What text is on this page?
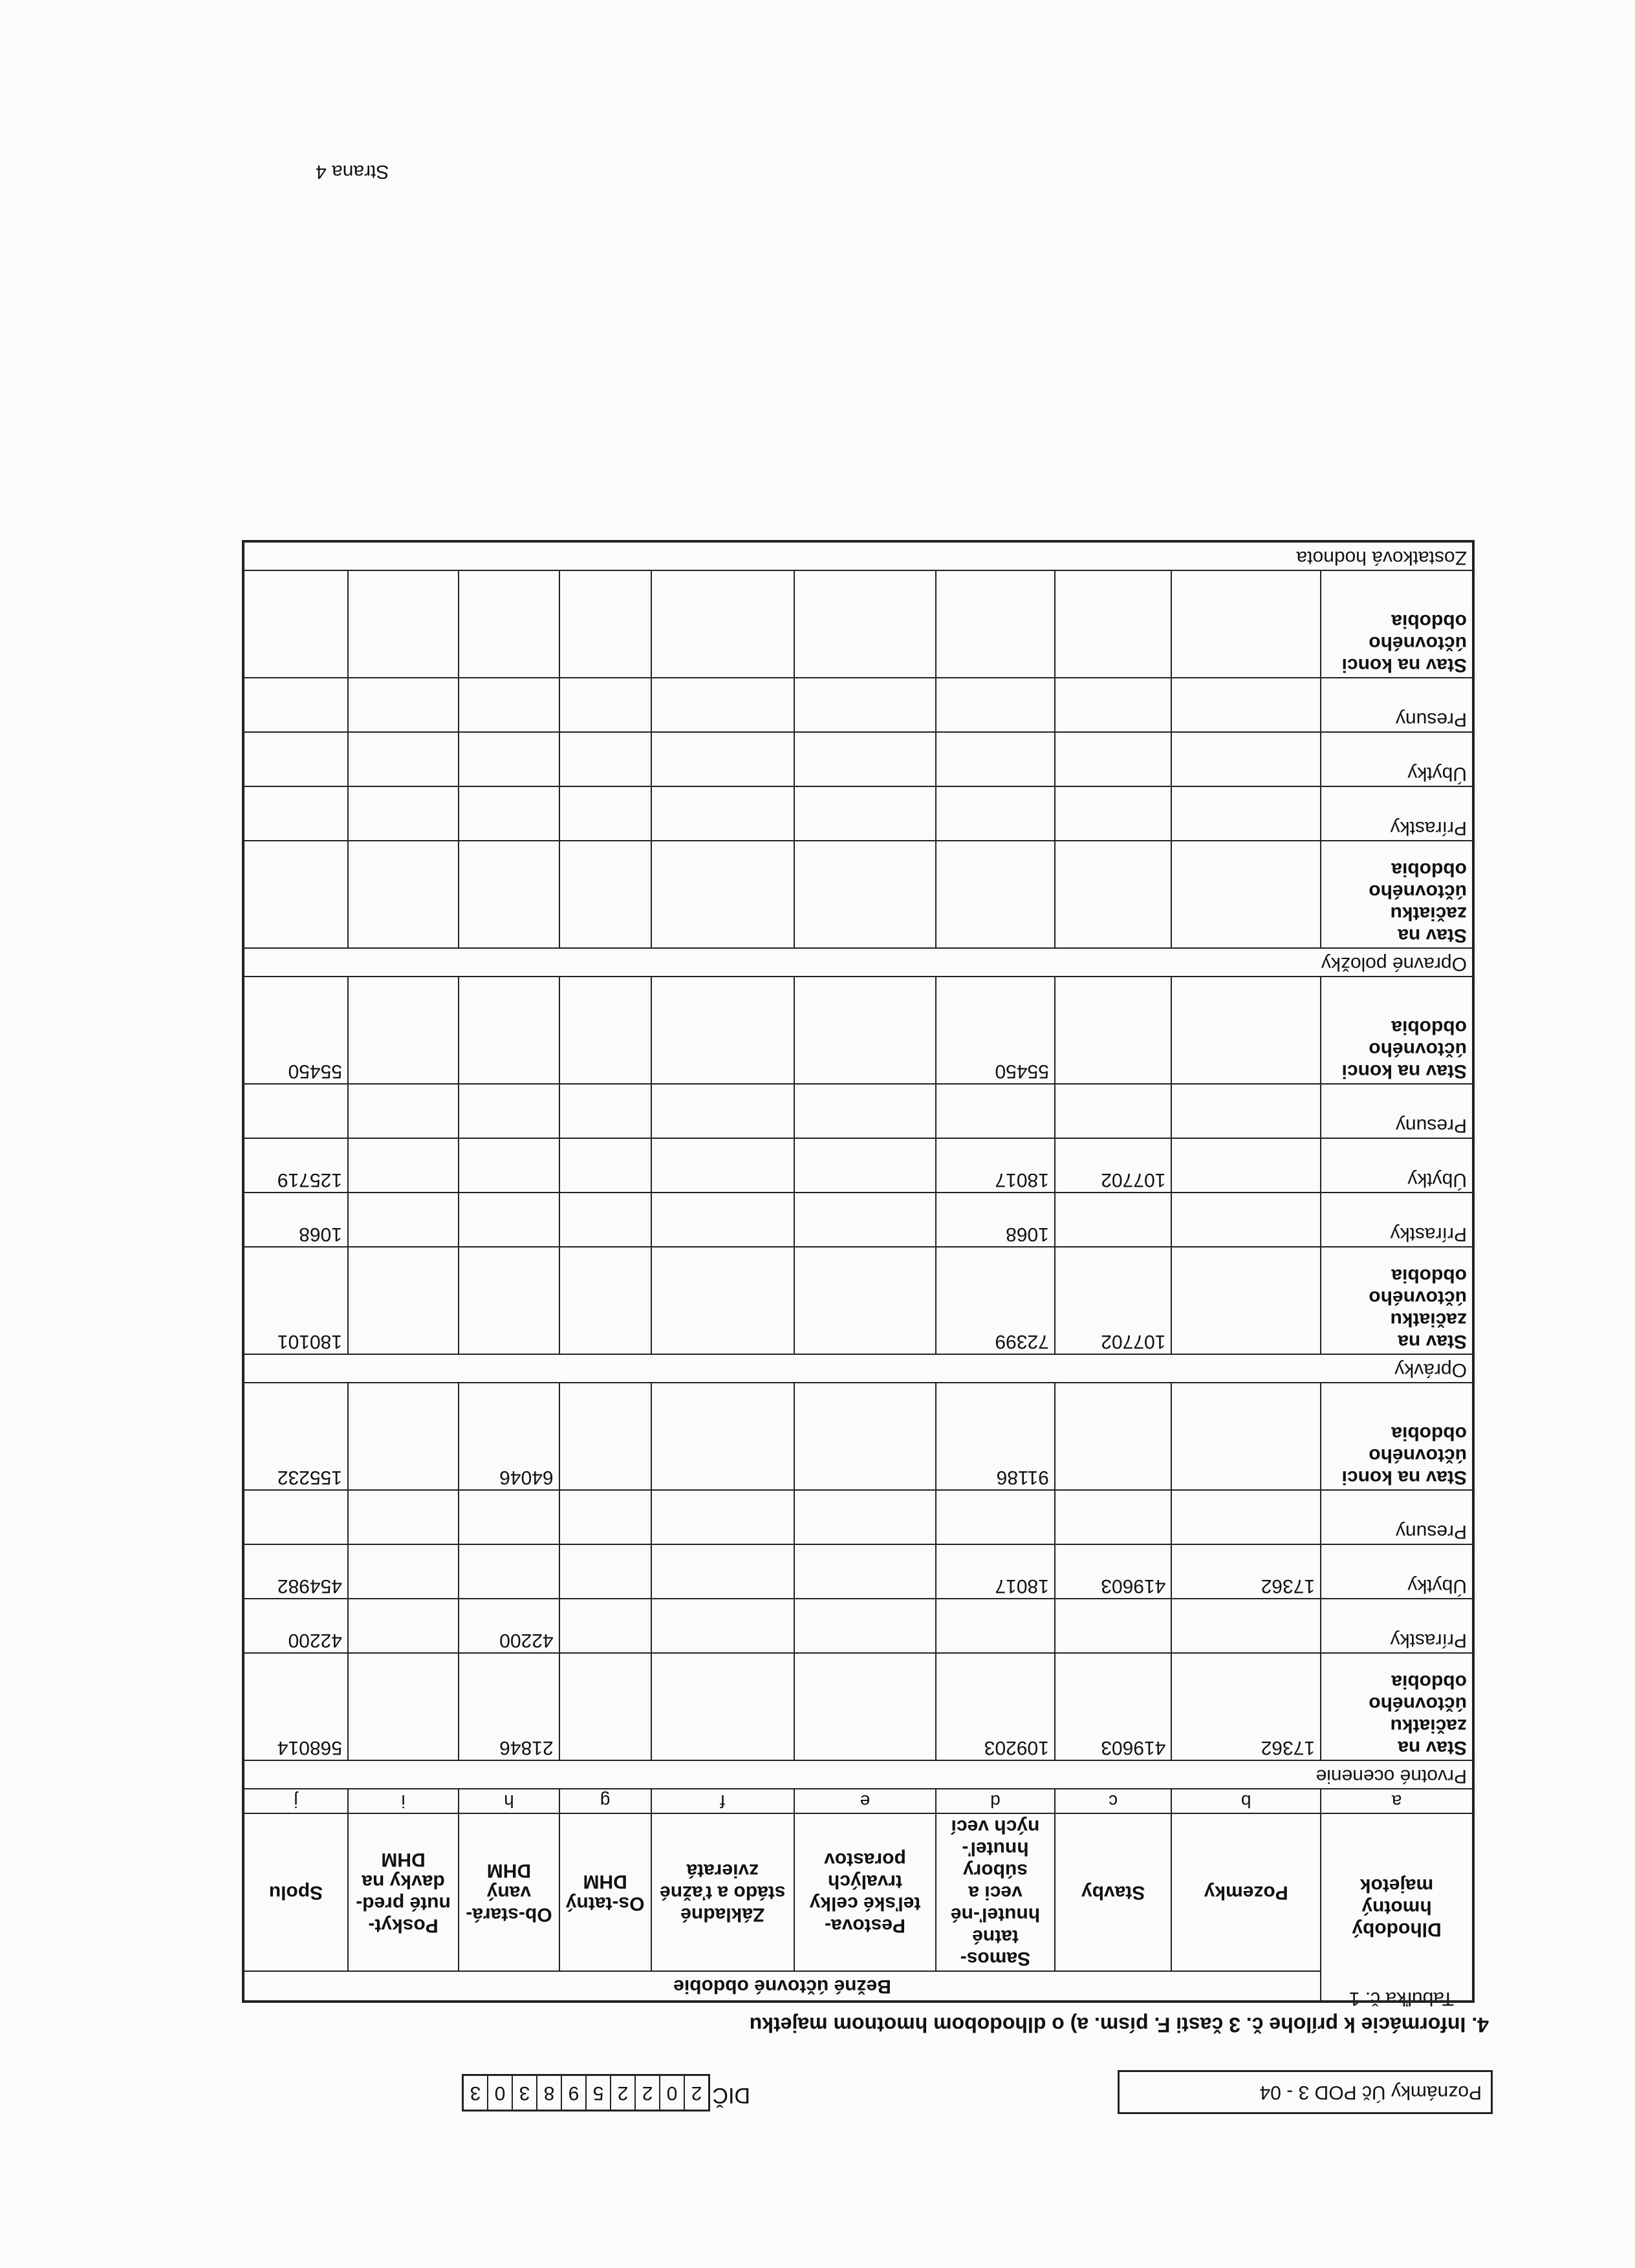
Poznámky Úč POD 3 - 04
DIČ
2
0
2
2
5
9
8
3
0
3
4. Informácie k prílohe č. 3 časti F. písm. a) o dlhodobom hmotnom majetku
Tabuľka č. 1
Dlhodobý hmotný majetok	Bežné účtovné obdobie								
	Pozemky	Stavby	Samos-tatné hnuteľ-né veci a súbory hnuteľ-ných vecí	Pestova-teľské celky trvalých porastov	Základné stádo a ťažné zvieratá	Os-tatný DHM	Ob-stará-vaný DHM	Poskyt-nuté pred-davky na DHM	Spolu
a	b	c	d	e	f	g	h	i	j
Prvotné ocenenie									
Stav na začiatku účtovného obdobia	17362	419603	109203				21846		568014
Prírastky							42200		42200
Úbytky	17362	419603	18017						454982
Presuny									
Stav na konci účtovného obdobia			91186				64046		155232
Oprávky									
Stav na začiatku účtovného obdobia		107702	72399						180101
Prírastky			1068						1068
Úbytky		107702	18017						125719
Presuny									
Stav na konci účtovného obdobia			55450						55450
Opravné položky									
Stav na začiatku účtovného obdobia									
Prírastky									
Úbytky									
Presuny									
Stav na konci účtovného obdobia									
Zostatková hodnota									
Strana 4
